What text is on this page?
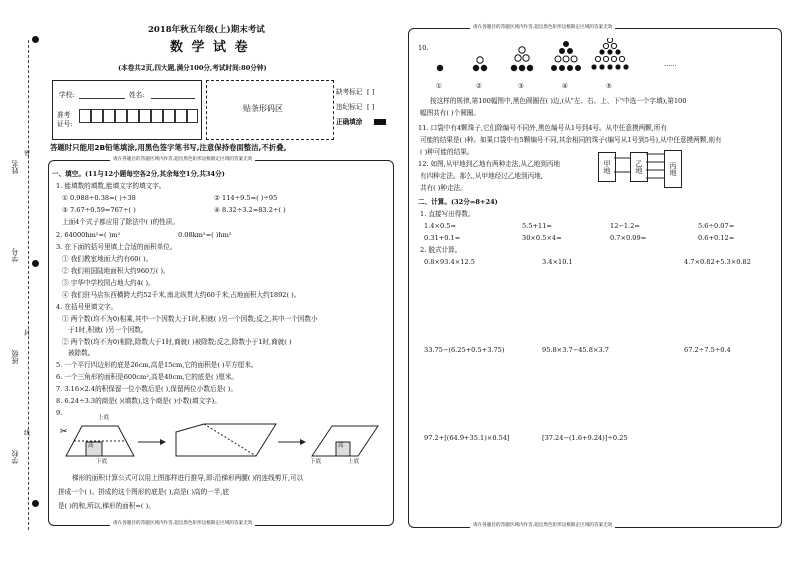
密
封
线
姓名
学号
班级
学校
2018年秋五年级(上)期末考试
数 学 试 卷
(本卷共2页,四大题,满分100分,考试时间:80分钟)
学校:	姓名:
准考
证号:
贴条形码区
缺考标记 [ ]
违纪标记 [ ]
正确填涂
答题时只能用2B铅笔填涂,用黑色签字笔书写,注意保持卷面整洁,不折叠。
请在各题目的答题区域内作答,超出黑色矩形边框限定区域的答案无效
请在各题目的答题区域内作答,超出黑色矩形边框限定区域的答案无效
一、填空。(11与12小题每空各2分,其余每空1分,共34分)
1. 能填数的填数,能填文字的填文字。
① 0.988÷0.38=( )÷38	② 114÷9.5=( )÷95
③ 7.67÷0.59=767÷( )	④ 8.32÷3.2=83.2÷( )
上面4个式子都应用了除法中( )的性质。
2. 64000hm²=( )m²	0.08km²=( )hm²
3. 在下面的括号里填上合适的面积单位。
① 我们教室地面大约有60( )。
② 我们祖国陆地面积大约960万( )。
③ 宇华中学校园占地大约4( )。
④ 我们驻马店东西横跨大约52千米,南北纵贯大约60千米,占地面积大约1892( )。
4. 在括号里填文字。
① 两个数(均不为0)相乘,其中一个因数大于1时,积就( )另一个因数;反之,其中一个因数小
于1时,积就( )另一个因数。
② 两个数(均不为0)相除,除数大于1时,商就( )被除数;反之,除数小于1时,商就( )
被除数。
5. 一个平行四边形的底是26cm,高是15cm,它的面积是( )平方厘米。
6. 一个三角形的面积是600cm²,高是40cm,它的底是( )厘米。
7. 3.16×2.4的积保留一位小数后是( ),保留两位小数后是( )。
8. 6.24÷3.3的商是( )(填数),这个商是( )小数(填文字)。
9.
✂
上底
高
下底
高
下底	上底
梯形的面积计算公式可以用上图那样进行推导,即:沿梯形两腰( )的连线剪开,可以
拼成一个( )。拼成的这个图形的底是( ),高是( )高的一半,底
是( )的和,所以,梯形的面积=( )。
请在各题目的答题区域内作答,超出黑色矩形边框限定区域的答案无效
请在各题目的答题区域内作答,超出黑色矩形边框限定区域的答案无效
10.
......
①	②	③	④	⑤
按这样的规律,第100幅图中,黑色圆圈在( )边,(从"左、右、上、下"中选一个字填),第100
幅图共有( )个圆圈。
11. 口袋中有4颗珠子,它们除编号不同外,黑色编号从1号到4号。从中任意摸两颗,所有
可能的结果是( )种。如果口袋中有5颗编号不同,其余相同的珠子(编号从1号到5号),从中任意摸两颗,则有
( )种可能的结果。
12. 如图,从甲地到乙地有两种走法,从乙地到丙地
有四种走法。那么,从甲地经过乙地到丙地,
共有( )种走法。
甲地	乙地	丙地
二、计算。(32分=8+24)
1. 直接写出得数。
1.4×0.5=	5.5+11=	12−1.2=	5.6÷0.07=
0.31+0.1=	30×0.5×4=	0.7×0.09=	0.6+0.12=
2. 脱式计算。
0.8×93.4×12.5	3.4×10.1	4.7×0.82+5.3×0.82
33.75−(6.25+0.5+3.75)	95.8×3.7−45.8×3.7	67.2÷7.5÷0.4
97.2+[(64.9+35.1)×0.54]	[37.24−(1.6+9.24)]÷0.25
